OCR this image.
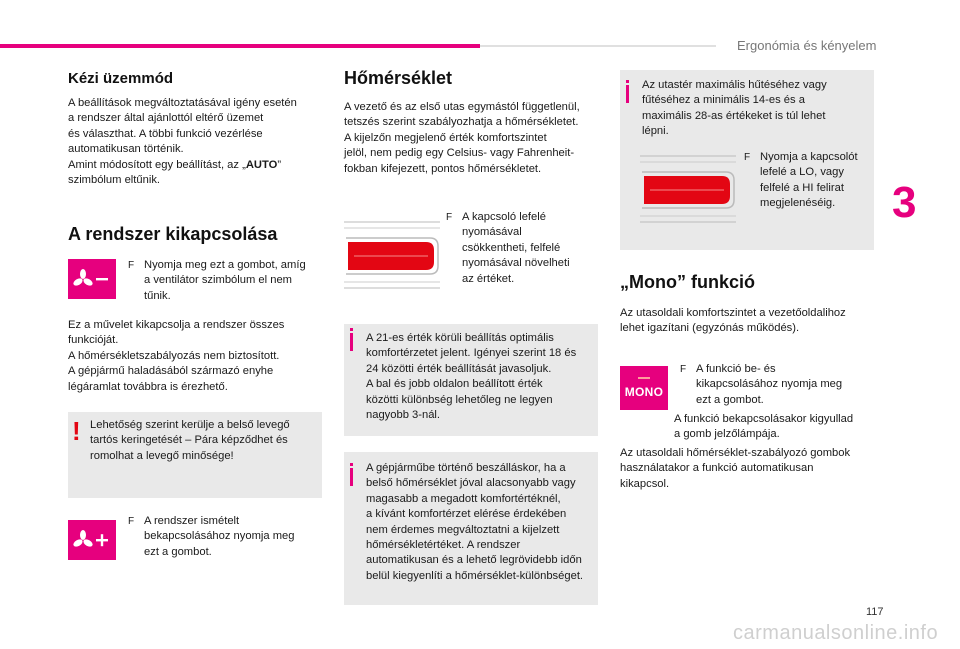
Ergonómia és kényelem
3
Kézi üzemmód

A beállítások megváltoztatásával igény esetén
a rendszer által ajánlottól eltérő üzemet
és választhat. A többi funkció vezérlése
automatikusan történik.
Amint módosított egy beállítást, az „AUTO”
szimbólum eltűnik.

A rendszer kikapcsolása
F Nyomja meg ezt a gombot, amíg
a ventilátor szimbólum el nem
tűnik.

Ez a művelet kikapcsolja a rendszer összes
funkcióját.
A hőmérsékletszabályozás nem biztosított.
A gépjármű haladásából származó enyhe
légáramlat továbbra is érezhető.

! Lehetőség szerint kerülje a belső levegő
tartós keringetését – Pára képződhet és
romolhat a levegő minősége!

F A rendszer ismételt
bekapcsolásához nyomja meg
ezt a gombot.
Hőmérséklet

A vezető és az első utas egymástól függetlenül,
tetszés szerint szabályozhatja a hőmérsékletet.
A kijelzőn megjelenő érték komfortszintet
jelöl, nem pedig egy Celsius- vagy Fahrenheit-
fokban kifejezett, pontos hőmérsékletet.

F A kapcsoló lefelé
nyomásával
csökkentheti, felfelé
nyomásával növelheti
az értéket.

A 21-es érték körüli beállítás optimális
komfortérzetet jelent. Igényei szerint 18 és
24 közötti érték beállítását javasoljuk.
A bal és jobb oldalon beállított érték
közötti különbség lehetőleg ne legyen
nagyobb 3-nál.

A gépjárműbe történő beszálláskor, ha a
belső hőmérséklet jóval alacsonyabb vagy
magasabb a megadott komfortértéknél,
a kívánt komfortérzet elérése érdekében
nem érdemes megváltoztatni a kijelzett
hőmérsékletértéket. A rendszer
automatikusan és a lehető legrövidebb időn
belül kiegyenlíti a hőmérséklet-különbséget.

Az utastér maximális hűtéséhez vagy
fűtéséhez a minimális 14-es és a
maximális 28-as értékeket is túl lehet
lépni.

F Nyomja a kapcsolót
lefelé a LO, vagy
felfelé a HI felirat
megjelenéséig.
„Mono” funkció

Az utasoldali komfortszintet a vezetőoldalihoz
lehet igazítani (egyzónás működés).

MONO
F A funkció be- és
kikapcsolásához nyomja meg
ezt a gombot.

A funkció bekapcsolásakor kigyullad
a gomb jelzőlámpája.

Az utasoldali hőmérséklet-szabályozó gombok
használatakor a funkció automatikusan
kikapcsol.

117
carmanualsonline.info
